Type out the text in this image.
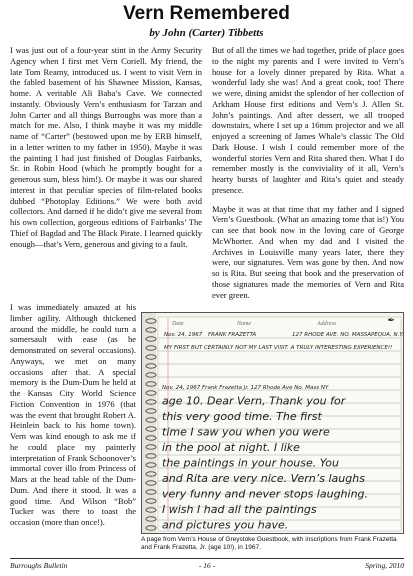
Vern Remembered
by John (Carter) Tibbetts

I was just out of a four-year stint in the Army Security Agency when I first met Vern Coriell. My friend, the late Tom Reamy, introduced us. I went to visit Vern in the fabled basement of his Shawnee Mission, Kansas, home. A veritable Ali Baba’s Cave. We connected instantly. Obviously Vern’s enthusiasm for Tarzan and John Carter and all things Burroughs was more than a match for me. Also, I think maybe it was my middle name of “Carter” (bestowed upon me by ERB himself, in a letter written to my father in 1950). Maybe it was the painting I had just finished of Douglas Fairbanks, Sr. in Robin Hood (which he promptly bought for a generous sum, bless him!). Or maybe it was our shared interest in that peculiar species of film-related books dubbed “Photoplay Editions.” We were both avid collectors. And darned if he didn’t give me several from his own collection, gorgeous editions of Fairbanks’ The Thief of Bagdad and The Black Pirate. I learned quickly enough—that’s Vern, generous and giving to a fault.

I was immediately amazed at his limber agility. Although thickened around the middle, he could turn a somersault with ease (as he demonstrated on several occasions). Anyways, we met on many occasions after that. A special memory is the Dum-Dum he held at the Kansas City World Science Fiction Convention in 1976 (that was the event that brought Robert A. Heinlein back to his home town). Vern was kind enough to ask me if he could place my painterly interpretation of Frank Schoonover’s immortal cover illo from Princess of Mars at the head table of the Dum-Dum. And there it stood. It was a good time. And Wilson “Bob” Tucker was there to toast the occasion (more than once!).

But of all the times we had together, pride of place goes to the night my parents and I were invited to Vern’s house for a lovely dinner prepared by Rita. What a wonderful lady she was! And a great cook, too! There we were, dining amidst the splendor of her collection of Arkham House first editions and Vern’s J. Allen St. John’s paintings. And after dessert, we all trooped downstairs, where I set up a 16mm projector and we all enjoyed a screening of James Whale’s classic The Old Dark House. I wish I could remember more of the wonderful stories Vern and Rita shared then. What I do remember mostly is the conviviality of it all, Vern’s hearty bursts of laughter and Rita’s quiet and steady presence.

Maybe it was at that time that my father and I signed Vern’s Guestbook. (What an amazing tome that is!) You can see that book now in the loving care of George McWhorter. And when my dad and I visited the Archives in Louisville many years later, there they were, our signatures. Vern was gone by then. And now so is Rita. But seeing that book and the preservation of those signatures made the memories of Vern and Rita ever green.

Date	Name	Address
Nov. 24, 1967 FRANK FRAZETTA	127 RHODE AVE. NO. MASSAPEQUA, N.Y.
MY FIRST BUT CERTAINLY NOT MY LAST VISIT. A TRULY INTERESTING EXPERIENCE!!
Nov. 24, 1967 Frank Frazetta Jr. 127 Rhode Ave No. Mass NY
age 10. Dear Vern, Thank you for
this very good time. The first
time I saw you when you were
in the pool at night. I like
the paintings in your house. You
and Rita are very nice. Vern’s laughs
very funny and never stops laughing.
I wish I had all the paintings
and pictures you have.
✒
A page from Vern’s House of Greystoke Guestbook, with inscriptions from Frank Frazetta and Frank Frazetta, Jr. (age 10!), in 1967.
Burroughs Bulletin	- 16 -	Spring, 2010
